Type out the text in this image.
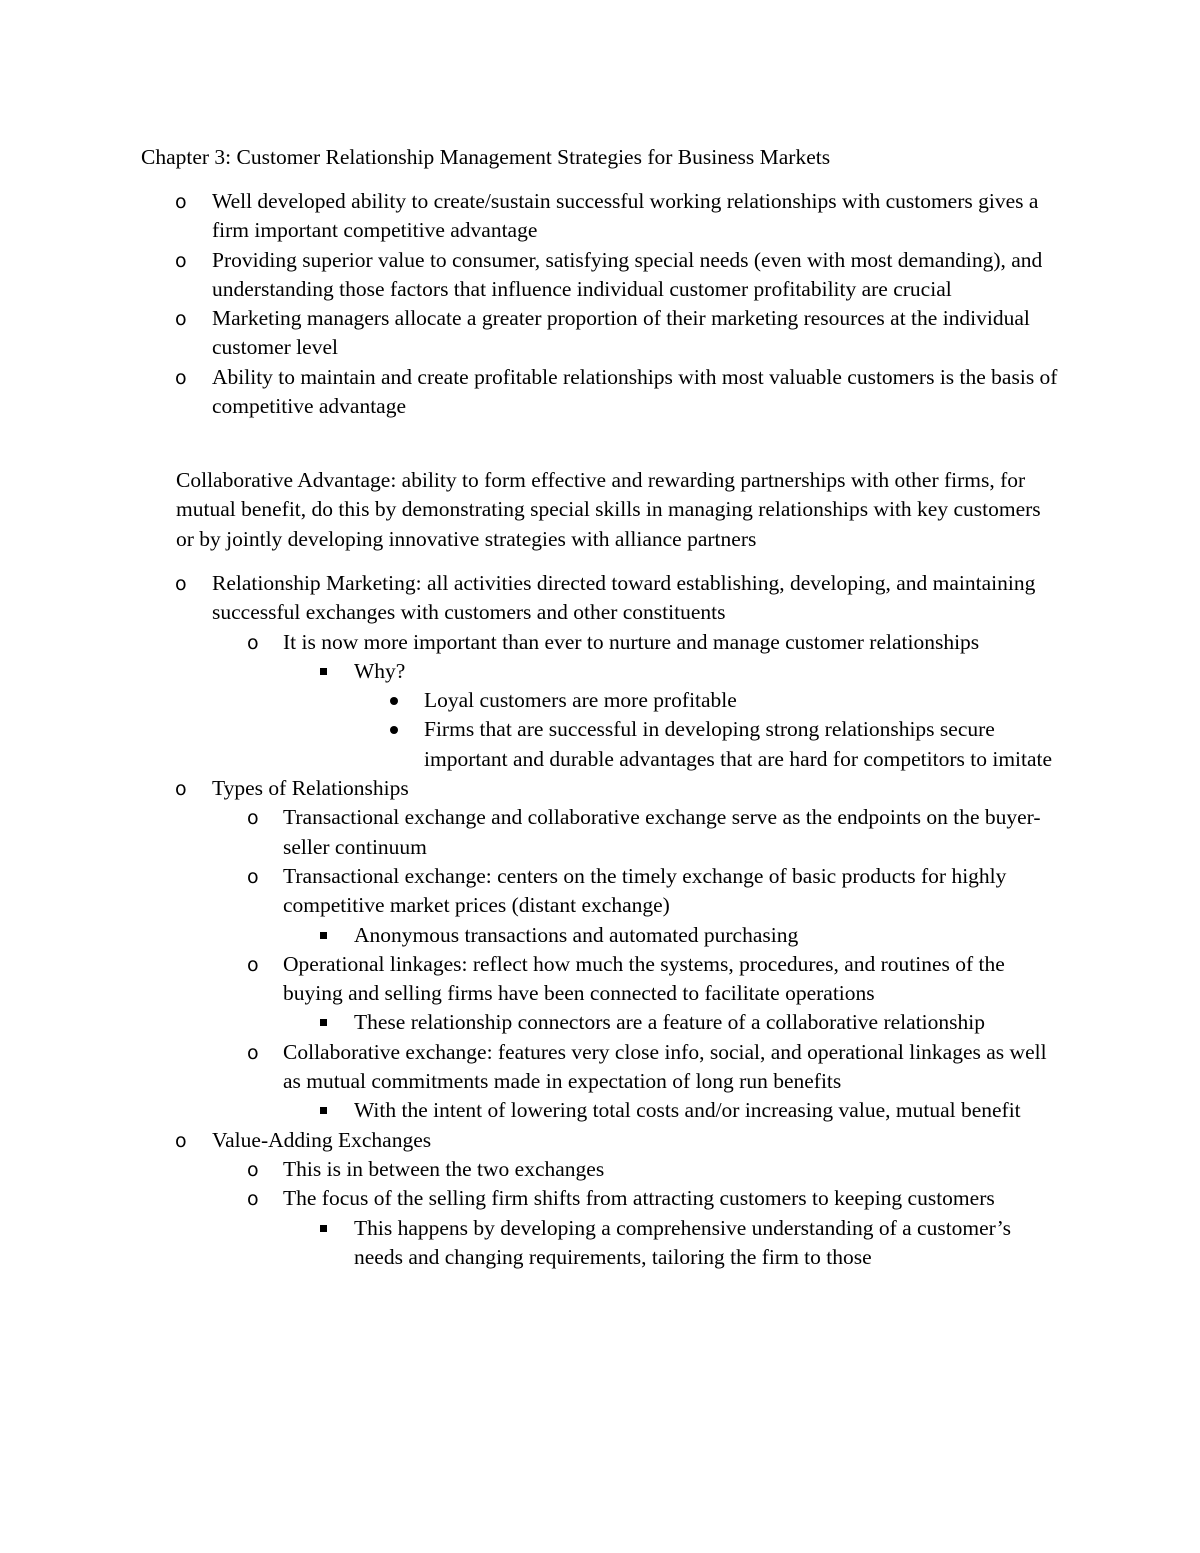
Chapter 3: Customer Relationship Management Strategies for Business Markets
o Well developed ability to create/sustain successful working relationships with customers gives a firm important competitive advantage
o Providing superior value to consumer, satisfying special needs (even with most demanding), and understanding those factors that influence individual customer profitability are crucial
o Marketing managers allocate a greater proportion of their marketing resources at the individual customer level
o Ability to maintain and create profitable relationships with most valuable customers is the basis of competitive advantage
Collaborative Advantage: ability to form effective and rewarding partnerships with other firms, for mutual benefit, do this by demonstrating special skills in managing relationships with key customers or by jointly developing innovative strategies with alliance partners
o Relationship Marketing: all activities directed toward establishing, developing, and maintaining successful exchanges with customers and other constituents
o It is now more important than ever to nurture and manage customer relationships
Why?
Loyal customers are more profitable
Firms that are successful in developing strong relationships secure important and durable advantages that are hard for competitors to imitate
o Types of Relationships
o Transactional exchange and collaborative exchange serve as the endpoints on the buyer-seller continuum
o Transactional exchange: centers on the timely exchange of basic products for highly competitive market prices (distant exchange)
Anonymous transactions and automated purchasing
o Operational linkages: reflect how much the systems, procedures, and routines of the buying and selling firms have been connected to facilitate operations
These relationship connectors are a feature of a collaborative relationship
o Collaborative exchange: features very close info, social, and operational linkages as well as mutual commitments made in expectation of long run benefits
With the intent of lowering total costs and/or increasing value, mutual benefit
o Value-Adding Exchanges
o This is in between the two exchanges
o The focus of the selling firm shifts from attracting customers to keeping customers
This happens by developing a comprehensive understanding of a customer’s needs and changing requirements, tailoring the firm to those
